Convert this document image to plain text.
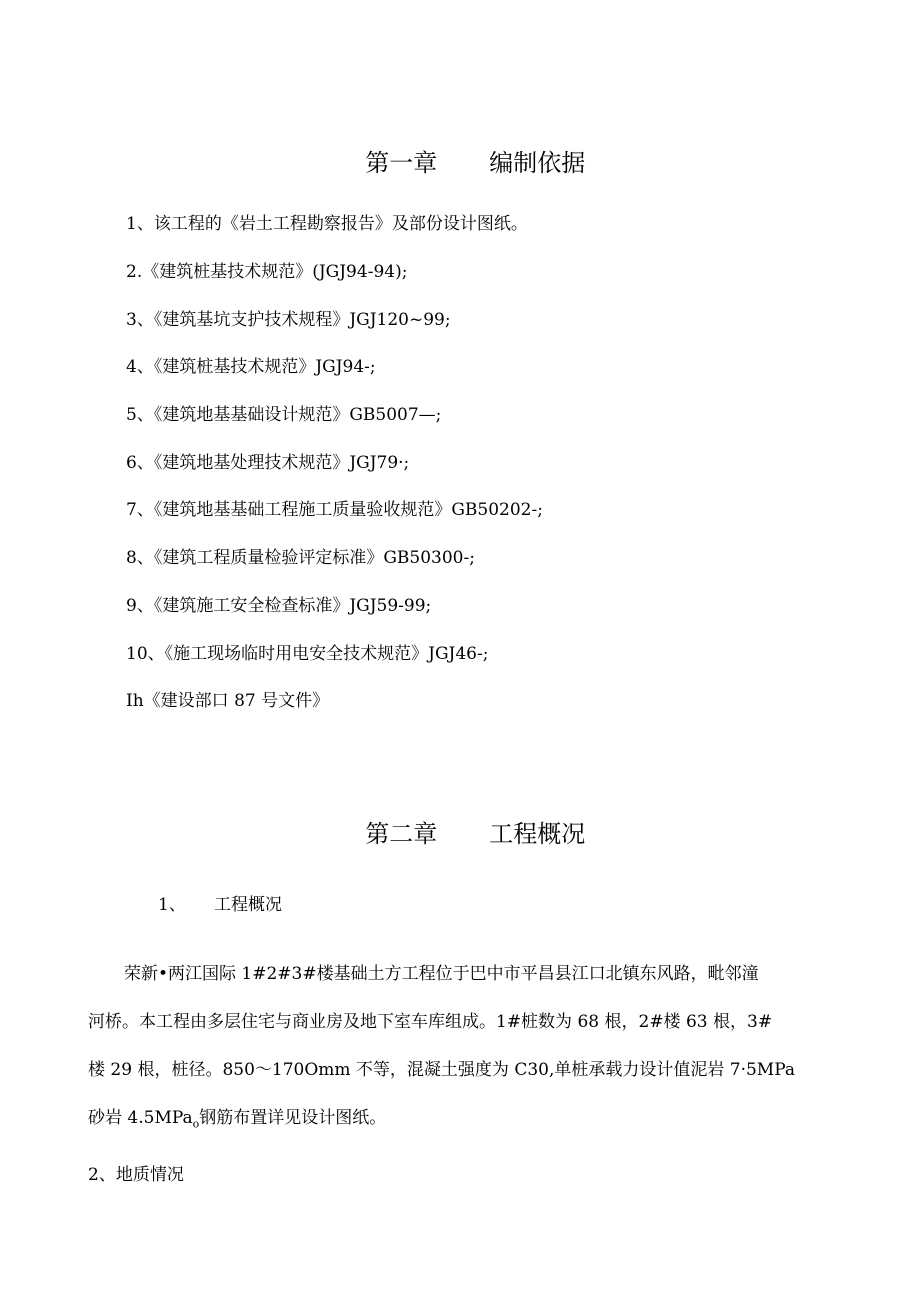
第一章 编制依据

1、该工程的《岩土工程勘察报告》及部份设计图纸。
2.《建筑桩基技术规范》(JGJ94-94);
3、《建筑基坑支护技术规程》JGJ120~99;
4、《建筑桩基技术规范》JGJ94-;
5、《建筑地基基础设计规范》GB5007—;
6、《建筑地基处理技术规范》JGJ79·;
7、《建筑地基基础工程施工质量验收规范》GB50202-;
8、《建筑工程质量检验评定标准》GB50300-;
9、《建筑施工安全检查标准》JGJ59-99;
10、《施工现场临时用电安全技术规范》JGJ46-;
Ih《建设部口 87 号文件》

第二章 工程概况

1、 工程概况
荣新•两江国际 1#2#3#楼基础土方工程位于巴中市平昌县江口北镇东风路，毗邻潼
河桥。本工程由多层住宅与商业房及地下室车库组成。1#桩数为 68 根，2#楼 63 根，3#
楼 29 根，桩径。850～170Omm 不等，混凝土强度为 C30,单桩承载力设计值泥岩 7·5MPa
砂岩 4.5MPa$_o$钢筋布置详见设计图纸。
2、地质情况
